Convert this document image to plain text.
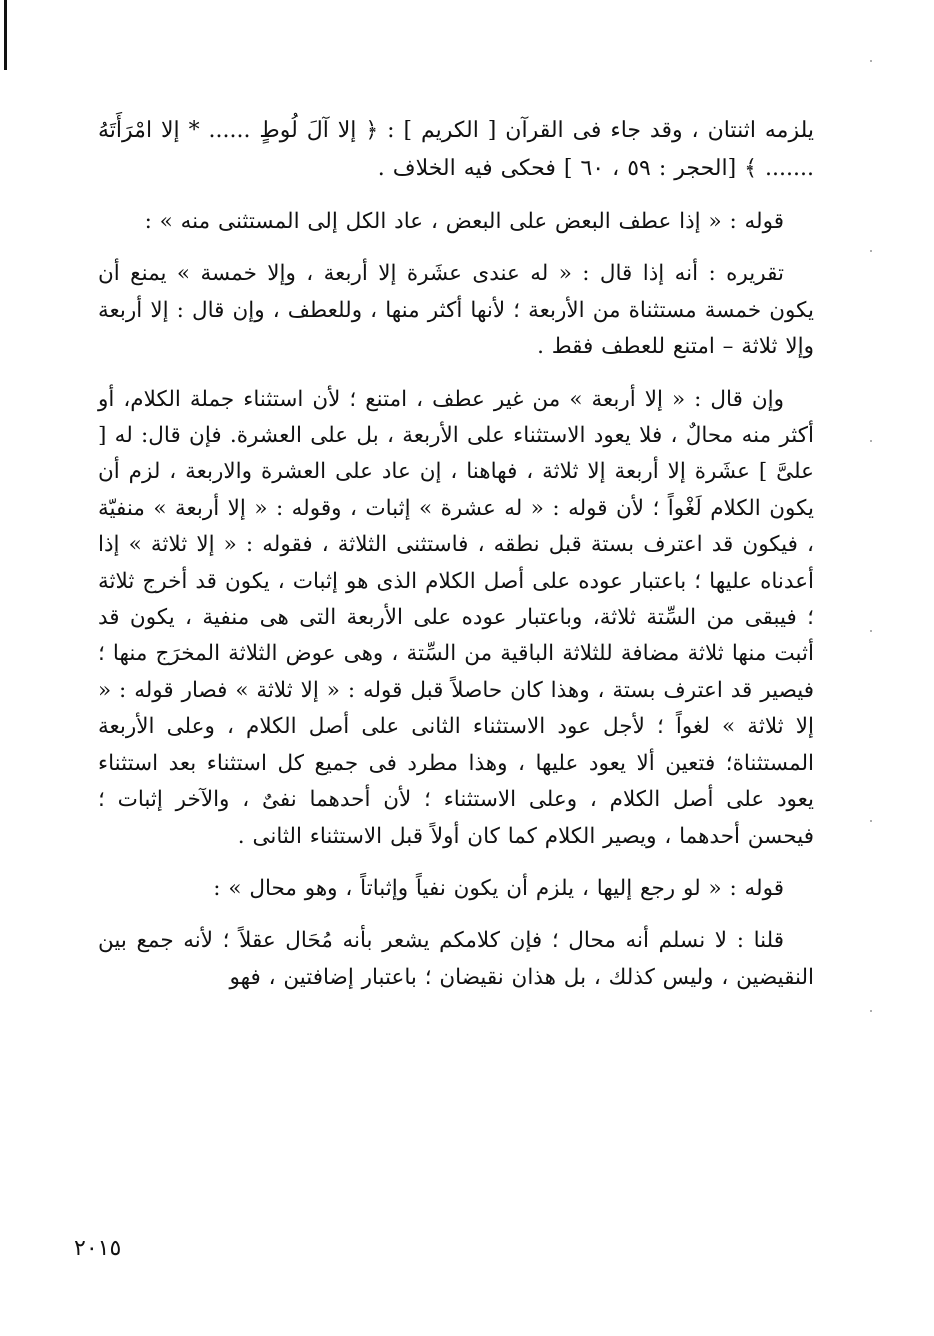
يلزمه اثنتان ، وقد جاء فى القرآن [ الكريم ] : ﴿ إلا آلَ لُوطٍ ...... * إلا امْرَأَتَهُ ....... ﴾ [الحجر : ٥٩ ، ٦٠ ] فحكى فيه الخلاف .

قوله : « إذا عطف البعض على البعض ، عاد الكل إلى المستثنى منه » :

تقريره : أنه إذا قال : « له عندى عشَرة إلا أربعة ، وإلا خمسة » يمنع أن يكون خمسة مستثناة من الأربعة ؛ لأنها أكثر منها ، وللعطف ، وإن قال : إلا أربعة وإلا ثلاثة – امتنع للعطف فقط .

وإن قال : « إلا أربعة » من غير عطف ، امتنع ؛ لأن استثناء جملة الكلام، أو أكثر منه محالٌ ، فلا يعود الاستثناء على الأربعة ، بل على العشرة. فإن قال: له [ علىَّ ] عشَرة إلا أربعة إلا ثلاثة ، فهاهنا ، إن عاد على العشرة والاربعة ، لزم أن يكون الكلام لَغْواً ؛ لأن قوله : « له عشرة » إثبات ، وقوله : « إلا أربعة » منفيّة ، فيكون قد اعترف بستة قبل نطقه ، فاستثنى الثلاثة ، فقوله : « إلا ثلاثة » إذا أعدناه عليها ؛ باعتبار عوده على أصل الكلام الذى هو إثبات ، يكون قد أخرج ثلاثة ؛ فيبقى من السِّتة ثلاثة، وباعتبار عوده على الأربعة التى هى منفية ، يكون قد أثبت منها ثلاثة مضافة للثلاثة الباقية من السِّتة ، وهى عوض الثلاثة المخرَج منها ؛ فيصير قد اعترف بستة ، وهذا كان حاصلاً قبل قوله : « إلا ثلاثة » فصار قوله : « إلا ثلاثة » لغواً ؛ لأجل عود الاستثناء الثانى على أصل الكلام ، وعلى الأربعة المستثناة؛ فتعين ألا يعود عليها ، وهذا مطرد فى جميع كل استثناء بعد استثناء يعود على أصل الكلام ، وعلى الاستثناء ؛ لأن أحدهما نفىٌ ، والآخر إثبات ؛ فيحسن أحدهما ، ويصير الكلام كما كان أولاً قبل الاستثناء الثانى .

قوله : « لو رجع إليها ، يلزم أن يكون نفياً وإثباتاً ، وهو محال » :

قلنا : لا نسلم أنه محال ؛ فإن كلامكم يشعر بأنه مُحَال عقلاً ؛ لأنه جمع بين النقيضين ، وليس كذلك ، بل هذان نقيضان ؛ باعتبار إضافتين ، فهو

٢٠١٥
